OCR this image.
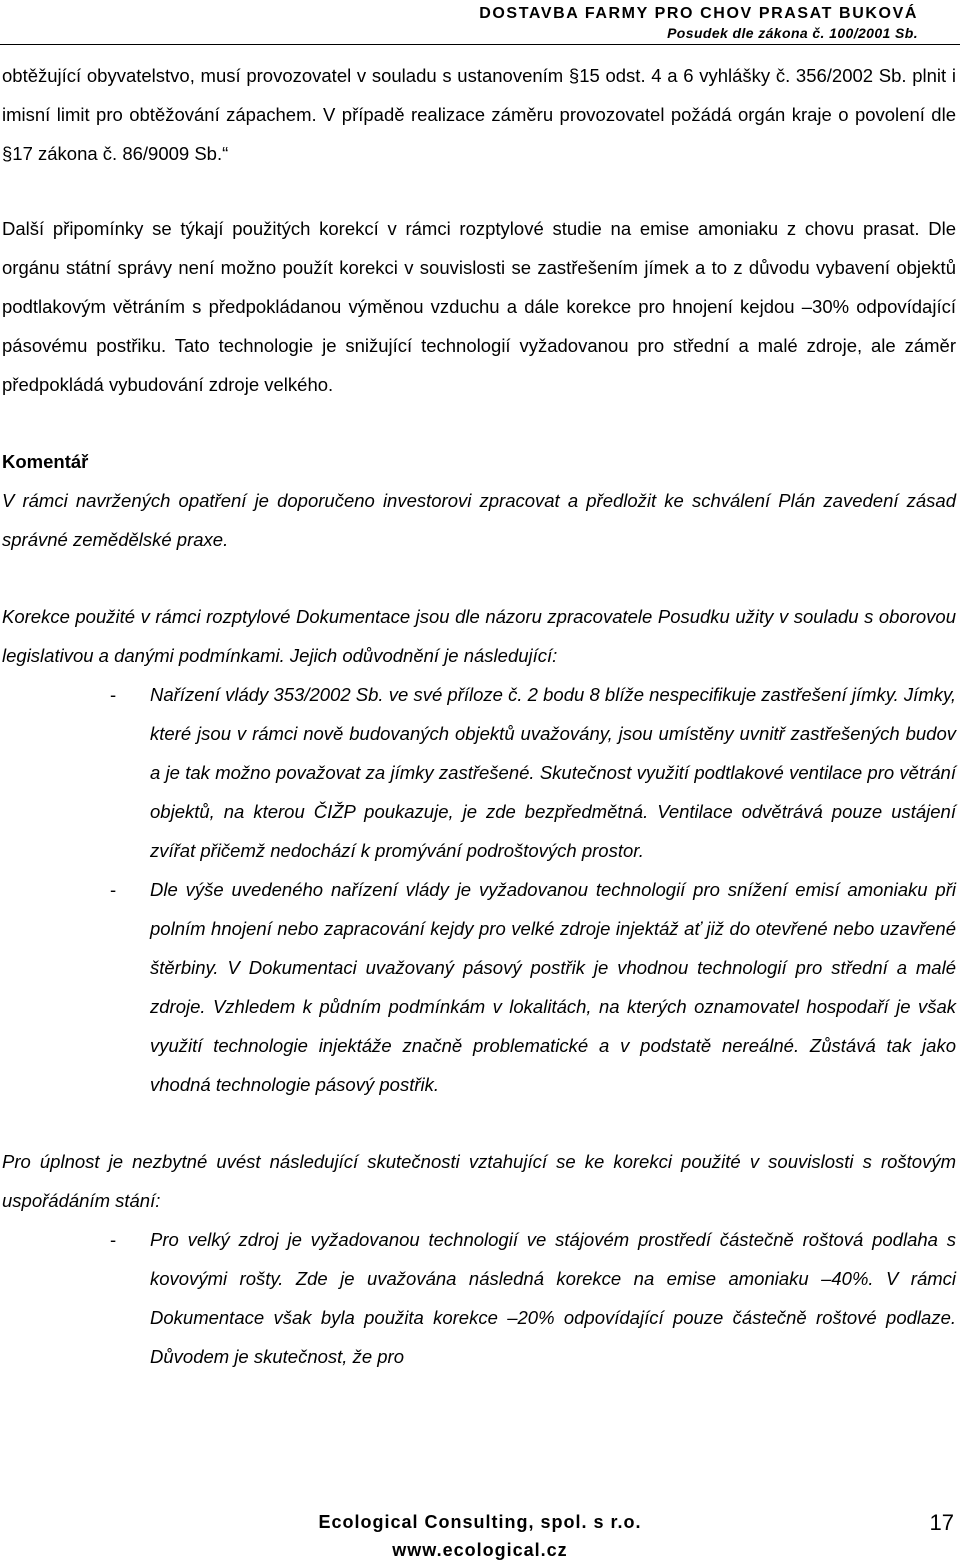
DOSTAVBA FARMY PRO CHOV PRASAT BUKOVÁ
Posudek dle zákona č. 100/2001 Sb.

obtěžující obyvatelstvo, musí provozovatel v souladu s ustanovením §15 odst. 4 a 6 vyhlášky č. 356/2002 Sb. plnit i imisní limit pro obtěžování zápachem. V případě realizace záměru provozovatel požádá orgán kraje o povolení dle §17 zákona č. 86/9009 Sb.“

Další připomínky se týkají použitých korekcí v rámci rozptylové studie na emise amoniaku z chovu prasat. Dle orgánu státní správy není možno použít korekci v souvislosti se zastřešením jímek a to z důvodu vybavení objektů podtlakovým větráním s předpokládanou výměnou vzduchu a dále korekce pro hnojení kejdou –30% odpovídající pásovému postřiku. Tato technologie je snižující technologií vyžadovanou pro střední a malé zdroje, ale záměr předpokládá vybudování zdroje velkého.

Komentář

V rámci navržených opatření je doporučeno investorovi zpracovat a předložit ke schválení Plán zavedení zásad správné zemědělské praxe.

Korekce použité v rámci rozptylové Dokumentace jsou dle názoru zpracovatele Posudku užity v souladu s oborovou legislativou a danými podmínkami. Jejich odůvodnění je následující:

- Nařízení vlády 353/2002 Sb. ve své příloze č. 2 bodu 8 blíže nespecifikuje zastřešení jímky. Jímky, které jsou v rámci nově budovaných objektů uvažovány, jsou umístěny uvnitř zastřešených budov a je tak možno považovat za jímky zastřešené. Skutečnost využití podtlakové ventilace pro větrání objektů, na kterou ČIŽP poukazuje, je zde bezpředmětná. Ventilace odvětrává pouze ustájení zvířat přičemž nedochází k promývání podroštových prostor.
- Dle výše uvedeného nařízení vlády je vyžadovanou technologií pro snížení emisí amoniaku při polním hnojení nebo zapracování kejdy pro velké zdroje injektáž ať již do otevřené nebo uzavřené štěrbiny. V Dokumentaci uvažovaný pásový postřik je vhodnou technologií pro střední a malé zdroje. Vzhledem k půdním podmínkám v lokalitách, na kterých oznamovatel hospodaří je však využití technologie injektáže značně problematické a v podstatě nereálné. Zůstává tak jako vhodná technologie pásový postřik.

Pro úplnost je nezbytné uvést následující skutečnosti vztahující se ke korekci použité v souvislosti s roštovým uspořádáním stání:

- Pro velký zdroj je vyžadovanou technologií ve stájovém prostředí částečně roštová podlaha s kovovými rošty. Zde je uvažována následná korekce na emise amoniaku –40%. V rámci Dokumentace však byla použita korekce –20% odpovídající pouze částečně roštové podlaze. Důvodem je skutečnost, že pro
Ecological Consulting, spol. s r.o.
www.ecological.cz
17
